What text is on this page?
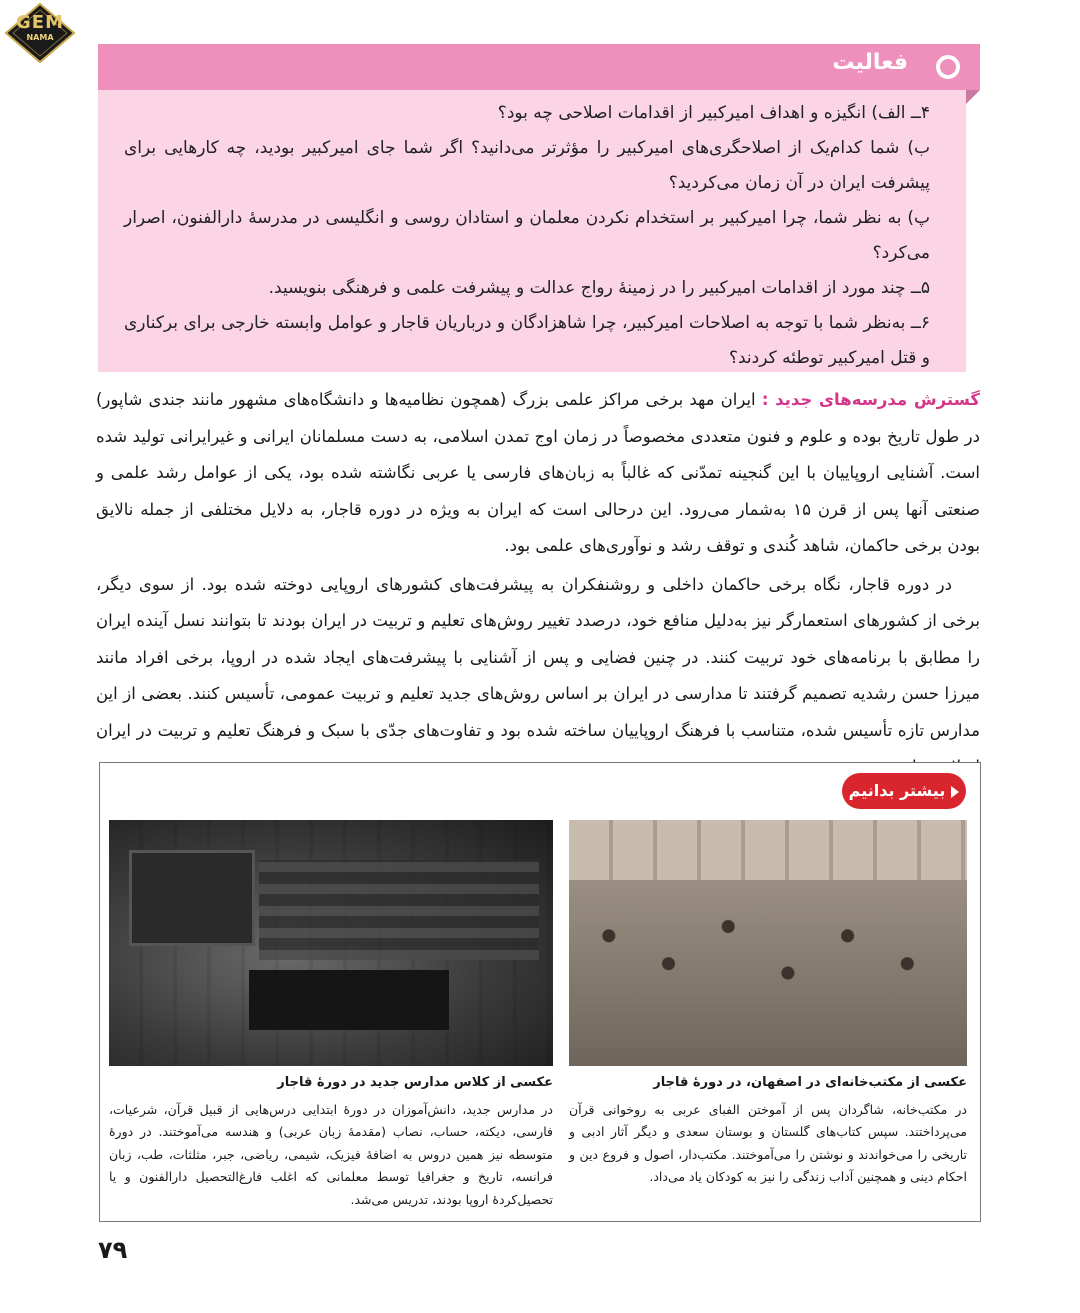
GEM
NAMA
فعالیت

۴ــ الف) انگیزه و اهداف امیرکبیر از اقدامات اصلاحی چه بود؟

ب) شما کدام‌یک از اصلاحگری‌های امیرکبیر را مؤثرتر می‌دانید؟ اگر شما جای امیرکبیر بودید، چه کارهایی برای پیشرفت ایران در آن زمان می‌کردید؟

پ) به نظر شما، چرا امیرکبیر بر استخدام نکردن معلمان و استادان روسی و انگلیسی در مدرسهٔ دارالفنون، اصرار می‌کرد؟

۵ــ چند مورد از اقدامات امیرکبیر را در زمینهٔ رواج عدالت و پیشرفت علمی و فرهنگی بنویسید.

۶ــ به‌نظر شما با توجه به اصلاحات امیرکبیر، چرا شاهزادگان و درباریان قاجار و عوامل وابسته خارجی برای برکناری و قتل امیرکبیر توطئه کردند؟

گسترش مدرسه‌های جدید : ایران مهد برخی مراکز علمی بزرگ (همچون نظامیه‌ها و دانشگاه‌های مشهور مانند جندی شاپور) در طول تاریخ بوده و علوم و فنون متعددی مخصوصاً در زمان اوج تمدن اسلامی، به دست مسلمانان ایرانی و غیرایرانی تولید شده است. آشنایی اروپاییان با این گنجینه تمدّنی که غالباً به زبان‌های فارسی یا عربی نگاشته شده بود، یکی از عوامل رشد علمی و صنعتی آنها پس از قرن ۱۵ به‌شمار می‌رود. این درحالی است که ایران به ویژه در دوره قاجار، به دلایل مختلفی از جمله نالایق بودن برخی حاکمان، شاهد کُندی و توقف رشد و نوآوری‌های علمی بود.

در دوره قاجار، نگاه برخی حاکمان داخلی و روشنفکران به پیشرفت‌های کشورهای اروپایی دوخته شده بود. از سوی دیگر، برخی از کشورهای استعمارگر نیز به‌دلیل منافع خود، درصدد تغییر روش‌های تعلیم و تربیت در ایران بودند تا بتوانند نسل آینده ایران را مطابق با برنامه‌های خود تربیت کنند. در چنین فضایی و پس از آشنایی با پیشرفت‌های ایجاد شده در اروپا، برخی افراد مانند میرزا حسن رشدیه تصمیم گرفتند تا مدارسی در ایران بر اساس روش‌های جدید تعلیم و تربیت عمومی، تأسیس کنند. بعضی از این مدارس تازه تأسیس شده، متناسب با فرهنگ اروپاییان ساخته شده بود و تفاوت‌های جدّی با سبک و فرهنگ تعلیم و تربیت در ایران

بیشتر بدانیم
عکسی از کلاس مدارس جدید در دورهٔ قاجار
در مدارس جدید، دانش‌آموزان در دورهٔ ابتدایی درس‌هایی از قبیل قرآن، شرعیات، فارسی، دیکته، حساب، نصاب (مقدمهٔ زبان عربی) و هندسه می‌آموختند. در دورهٔ متوسطه نیز همین دروس به اضافهٔ فیزیک، شیمی، ریاضی، جبر، مثلثات، طب، زبان فرانسه، تاریخ و جغرافیا توسط معلمانی که اغلب فارغ‌التحصیل دارالفنون و یا تحصیل‌کردهٔ اروپا بودند، تدریس می‌شد.
عکسی از مکتب‌خانه‌ای در اصفهان، در دورهٔ قاجار
در مکتب‌خانه، شاگردان پس از آموختن الفبای عربی به روخوانی قرآن می‌پرداختند. سپس کتاب‌های گلستان و بوستان سعدی و دیگر آثار ادبی و تاریخی را می‌خواندند و نوشتن را می‌آموختند. مکتب‌دار، اصول و فروع دین و احکام دینی و همچنین آداب زندگی را نیز به کودکان یاد می‌داد.
۷۹
